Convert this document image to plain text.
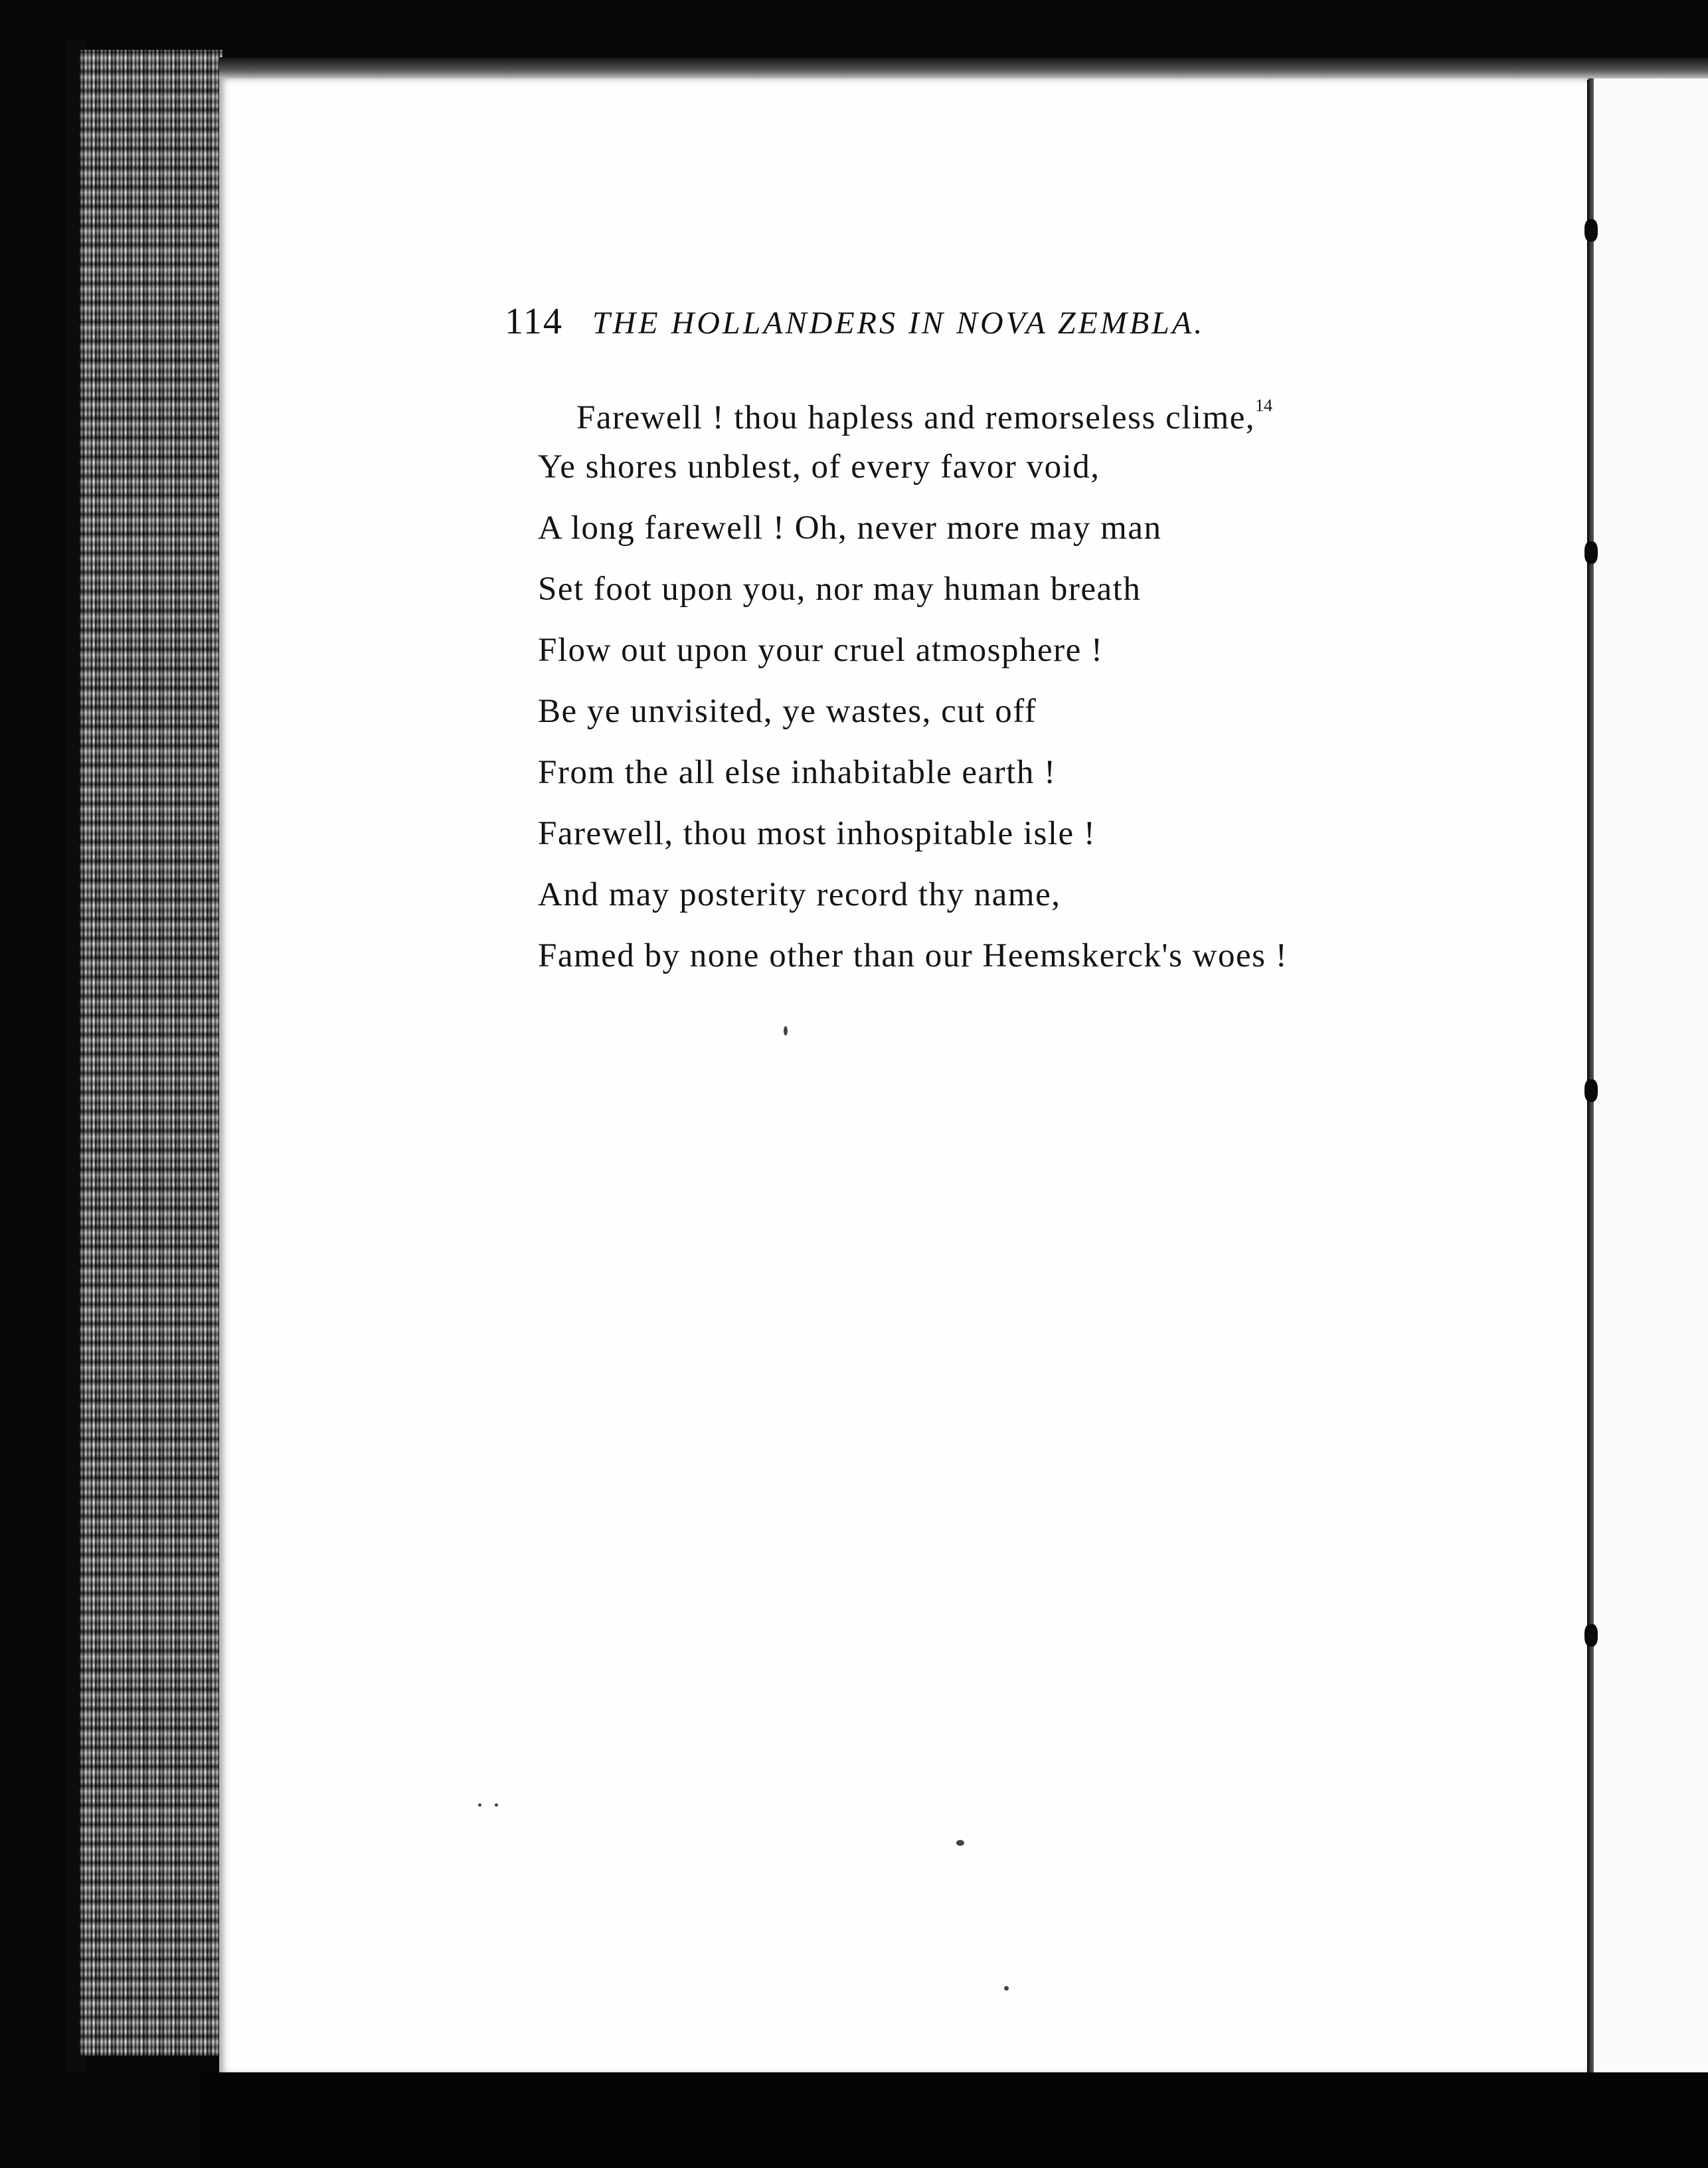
114 THE HOLLANDERS IN NOVA ZEMBLA.
Farewell ! thou hapless and remorseless clime,$^{14}$
Ye shores unblest, of every favor void,
A long farewell ! Oh, never more may man
Set foot upon you, nor may human breath
Flow out upon your cruel atmosphere !
Be ye unvisited, ye wastes, cut off
From the all else inhabitable earth !
Farewell, thou most inhospitable isle !
And may posterity record thy name,
Famed by none other than our Heemskerck's woes !
